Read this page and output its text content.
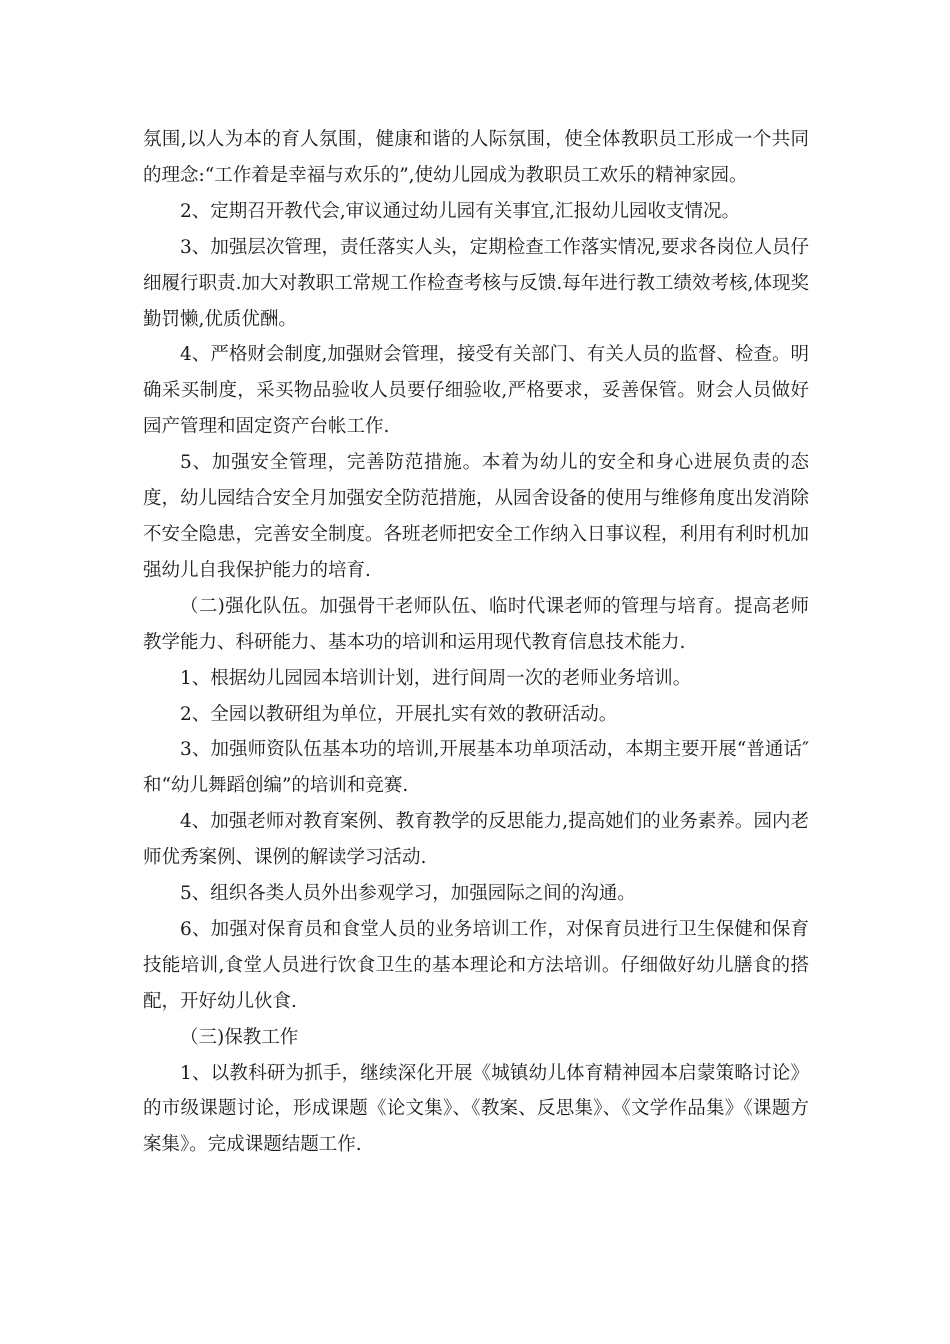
氛围,以人为本的育人氛围，健康和谐的人际氛围，使全体教职员工形成一个共同的理念:“工作着是幸福与欢乐的”,使幼儿园成为教职员工欢乐的精神家园。

2、定期召开教代会,审议通过幼儿园有关事宜,汇报幼儿园收支情况。

3、加强层次管理，责任落实人头，定期检查工作落实情况,要求各岗位人员仔细履行职责.加大对教职工常规工作检查考核与反馈.每年进行教工绩效考核,体现奖勤罚懒,优质优酬。

4、严格财会制度,加强财会管理，接受有关部门、有关人员的监督、检查。明确采买制度，采买物品验收人员要仔细验收,严格要求，妥善保管。财会人员做好园产管理和固定资产台帐工作.

5、加强安全管理，完善防范措施。本着为幼儿的安全和身心进展负责的态度，幼儿园结合安全月加强安全防范措施，从园舍设备的使用与维修角度出发消除不安全隐患，完善安全制度。各班老师把安全工作纳入日事议程，利用有利时机加强幼儿自我保护能力的培育.

（二)强化队伍。加强骨干老师队伍、临时代课老师的管理与培育。提高老师教学能力、科研能力、基本功的培训和运用现代教育信息技术能力.

1、根据幼儿园园本培训计划，进行间周一次的老师业务培训。

2、全园以教研组为单位，开展扎实有效的教研活动。

3、加强师资队伍基本功的培训,开展基本功单项活动，本期主要开展“普通话″和“幼儿舞蹈创编”的培训和竞赛.

4、加强老师对教育案例、教育教学的反思能力,提高她们的业务素养。园内老师优秀案例、课例的解读学习活动.

5、组织各类人员外出参观学习，加强园际之间的沟通。

6、加强对保育员和食堂人员的业务培训工作，对保育员进行卫生保健和保育技能培训,食堂人员进行饮食卫生的基本理论和方法培训。仔细做好幼儿膳食的搭配，开好幼儿伙食.

（三)保教工作

1、以教科研为抓手，继续深化开展《城镇幼儿体育精神园本启蒙策略讨论》的市级课题讨论，形成课题《论文集》、《教案、反思集》、《文学作品集》《课题方案集》。完成课题结题工作.
